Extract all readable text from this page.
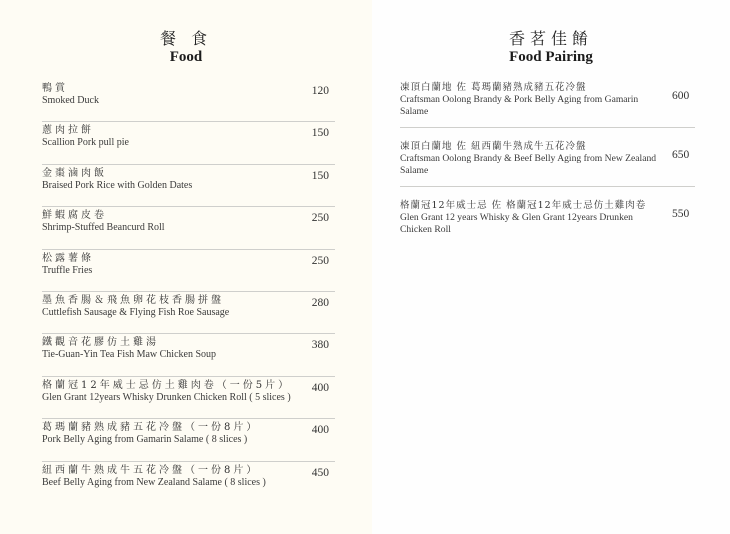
餐 食
Food
鴨賞
Smoked Duck
120
蔥肉拉餅
Scallion Pork pull pie
150
金棗滷肉飯
Braised Pork Rice with Golden Dates
150
鮮蝦腐皮卷
Shrimp-Stuffed Beancurd Roll
250
松露薯條
Truffle Fries
250
墨魚香腸＆飛魚卵花枝香腸拼盤
Cuttlefish Sausage & Flying Fish Roe Sausage
280
鐵觀音花膠仿土雞湯
Tie-Guan-Yin Tea Fish Maw Chicken Soup
380
格蘭冠12年威士忌仿土雞肉卷（一份5片）
Glen Grant 12years Whisky Drunken Chicken Roll ( 5 slices )
400
葛瑪蘭豬熟成豬五花冷盤（一份8片）
Pork Belly Aging from Gamarin Salame ( 8 slices )
400
紐西蘭牛熟成牛五花冷盤（一份8片）
Beef Belly Aging from New Zealand Salame ( 8 slices )
450
香茗佳餚
Food Pairing
凍頂白蘭地 佐 葛瑪蘭豬熟成豬五花冷盤
Craftsman Oolong Brandy & Pork Belly Aging from Gamarin Salame
600
凍頂白蘭地 佐 紐西蘭牛熟成牛五花冷盤
Craftsman Oolong Brandy & Beef Belly Aging from New Zealand Salame
650
格蘭冠12年威士忌 佐 格蘭冠12年威士忌仿土雞肉卷
Glen Grant 12 years Whisky & Glen Grant 12years Drunken Chicken Roll
550
